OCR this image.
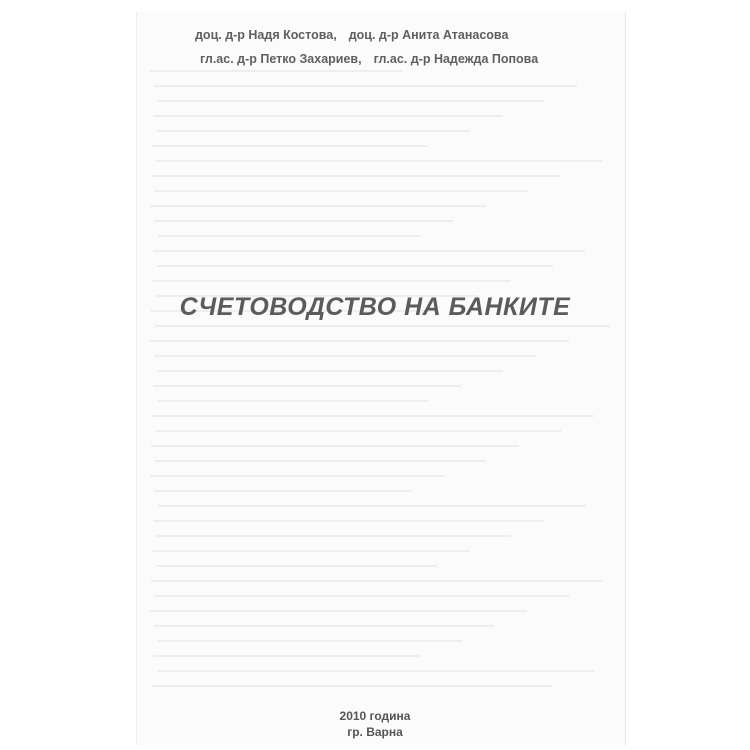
доц. д-р Надя Костова, доц. д-р Анита Атанасова
гл.ас. д-р Петко Захариев, гл.ас. д-р Надежда Попова
СЧЕТОВОДСТВО НА БАНКИТЕ
2010 година
гр. Варна
